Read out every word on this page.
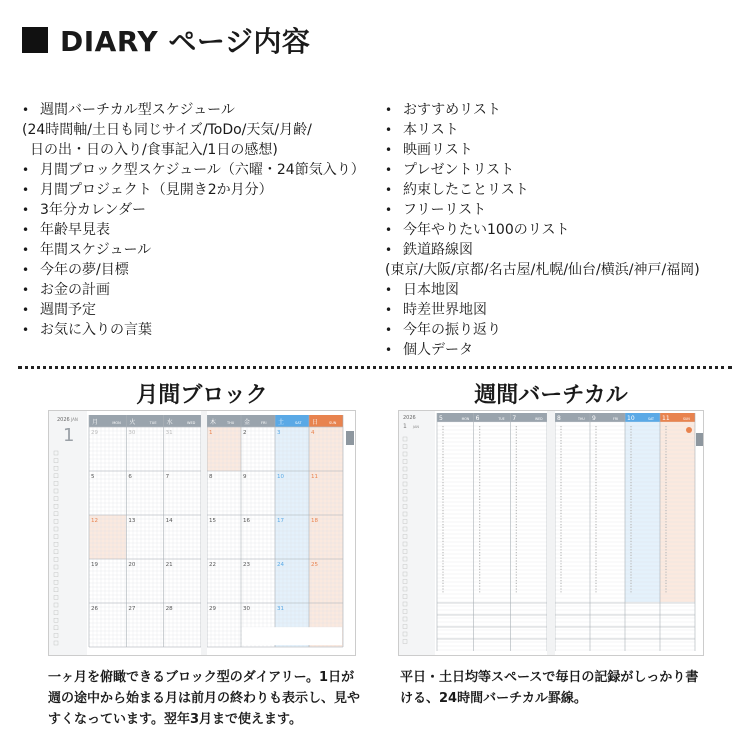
DIARY ページ内容
• 週間バーチカル型スケジュール
(24時間軸/土日も同じサイズ/ToDo/天気/月齢/
日の出・日の入り/食事記入/1日の感想)
• 月間ブロック型スケジュール（六曜・24節気入り）
• 月間プロジェクト（見開き2か月分）
• 3年分カレンダー
• 年齢早見表
• 年間スケジュール
• 今年の夢/目標
• お金の計画
• 週間予定
• お気に入りの言葉
• おすすめリスト
• 本リスト
• 映画リスト
• プレゼントリスト
• 約束したことリスト
• フリーリスト
• 今年やりたい100のリスト
• 鉄道路線図
(東京/大阪/京都/名古屋/札幌/仙台/横浜/神戸/福岡)
• 日本地図
• 時差世界地図
• 今年の振り返り
• 個人データ
月間ブロック	週間バーチカル
2026 JAN
1
月	MON 火	TUE 水	WED 木	THU 金	FRI 土	SAT 日	SUN
29	30	31	1	2	3	4
5	6	7	8	9	10	11
12	13	14	15	16	17	18
19	20	21	22	23	24	25
26	27	28	29	30	31
2026
1 JAN
5	MON 6	TUE 7	WED 8	THU 9	FRI 10	SAT 11	SUN
一ヶ月を俯瞰できるブロック型のダイアリー。1日が週の途中から始まる月は前月の終わりも表示し、見やすくなっています。翌年3月まで使えます。
平日・土日均等スペースで毎日の記録がしっかり書ける、24時間バーチカル罫線。
